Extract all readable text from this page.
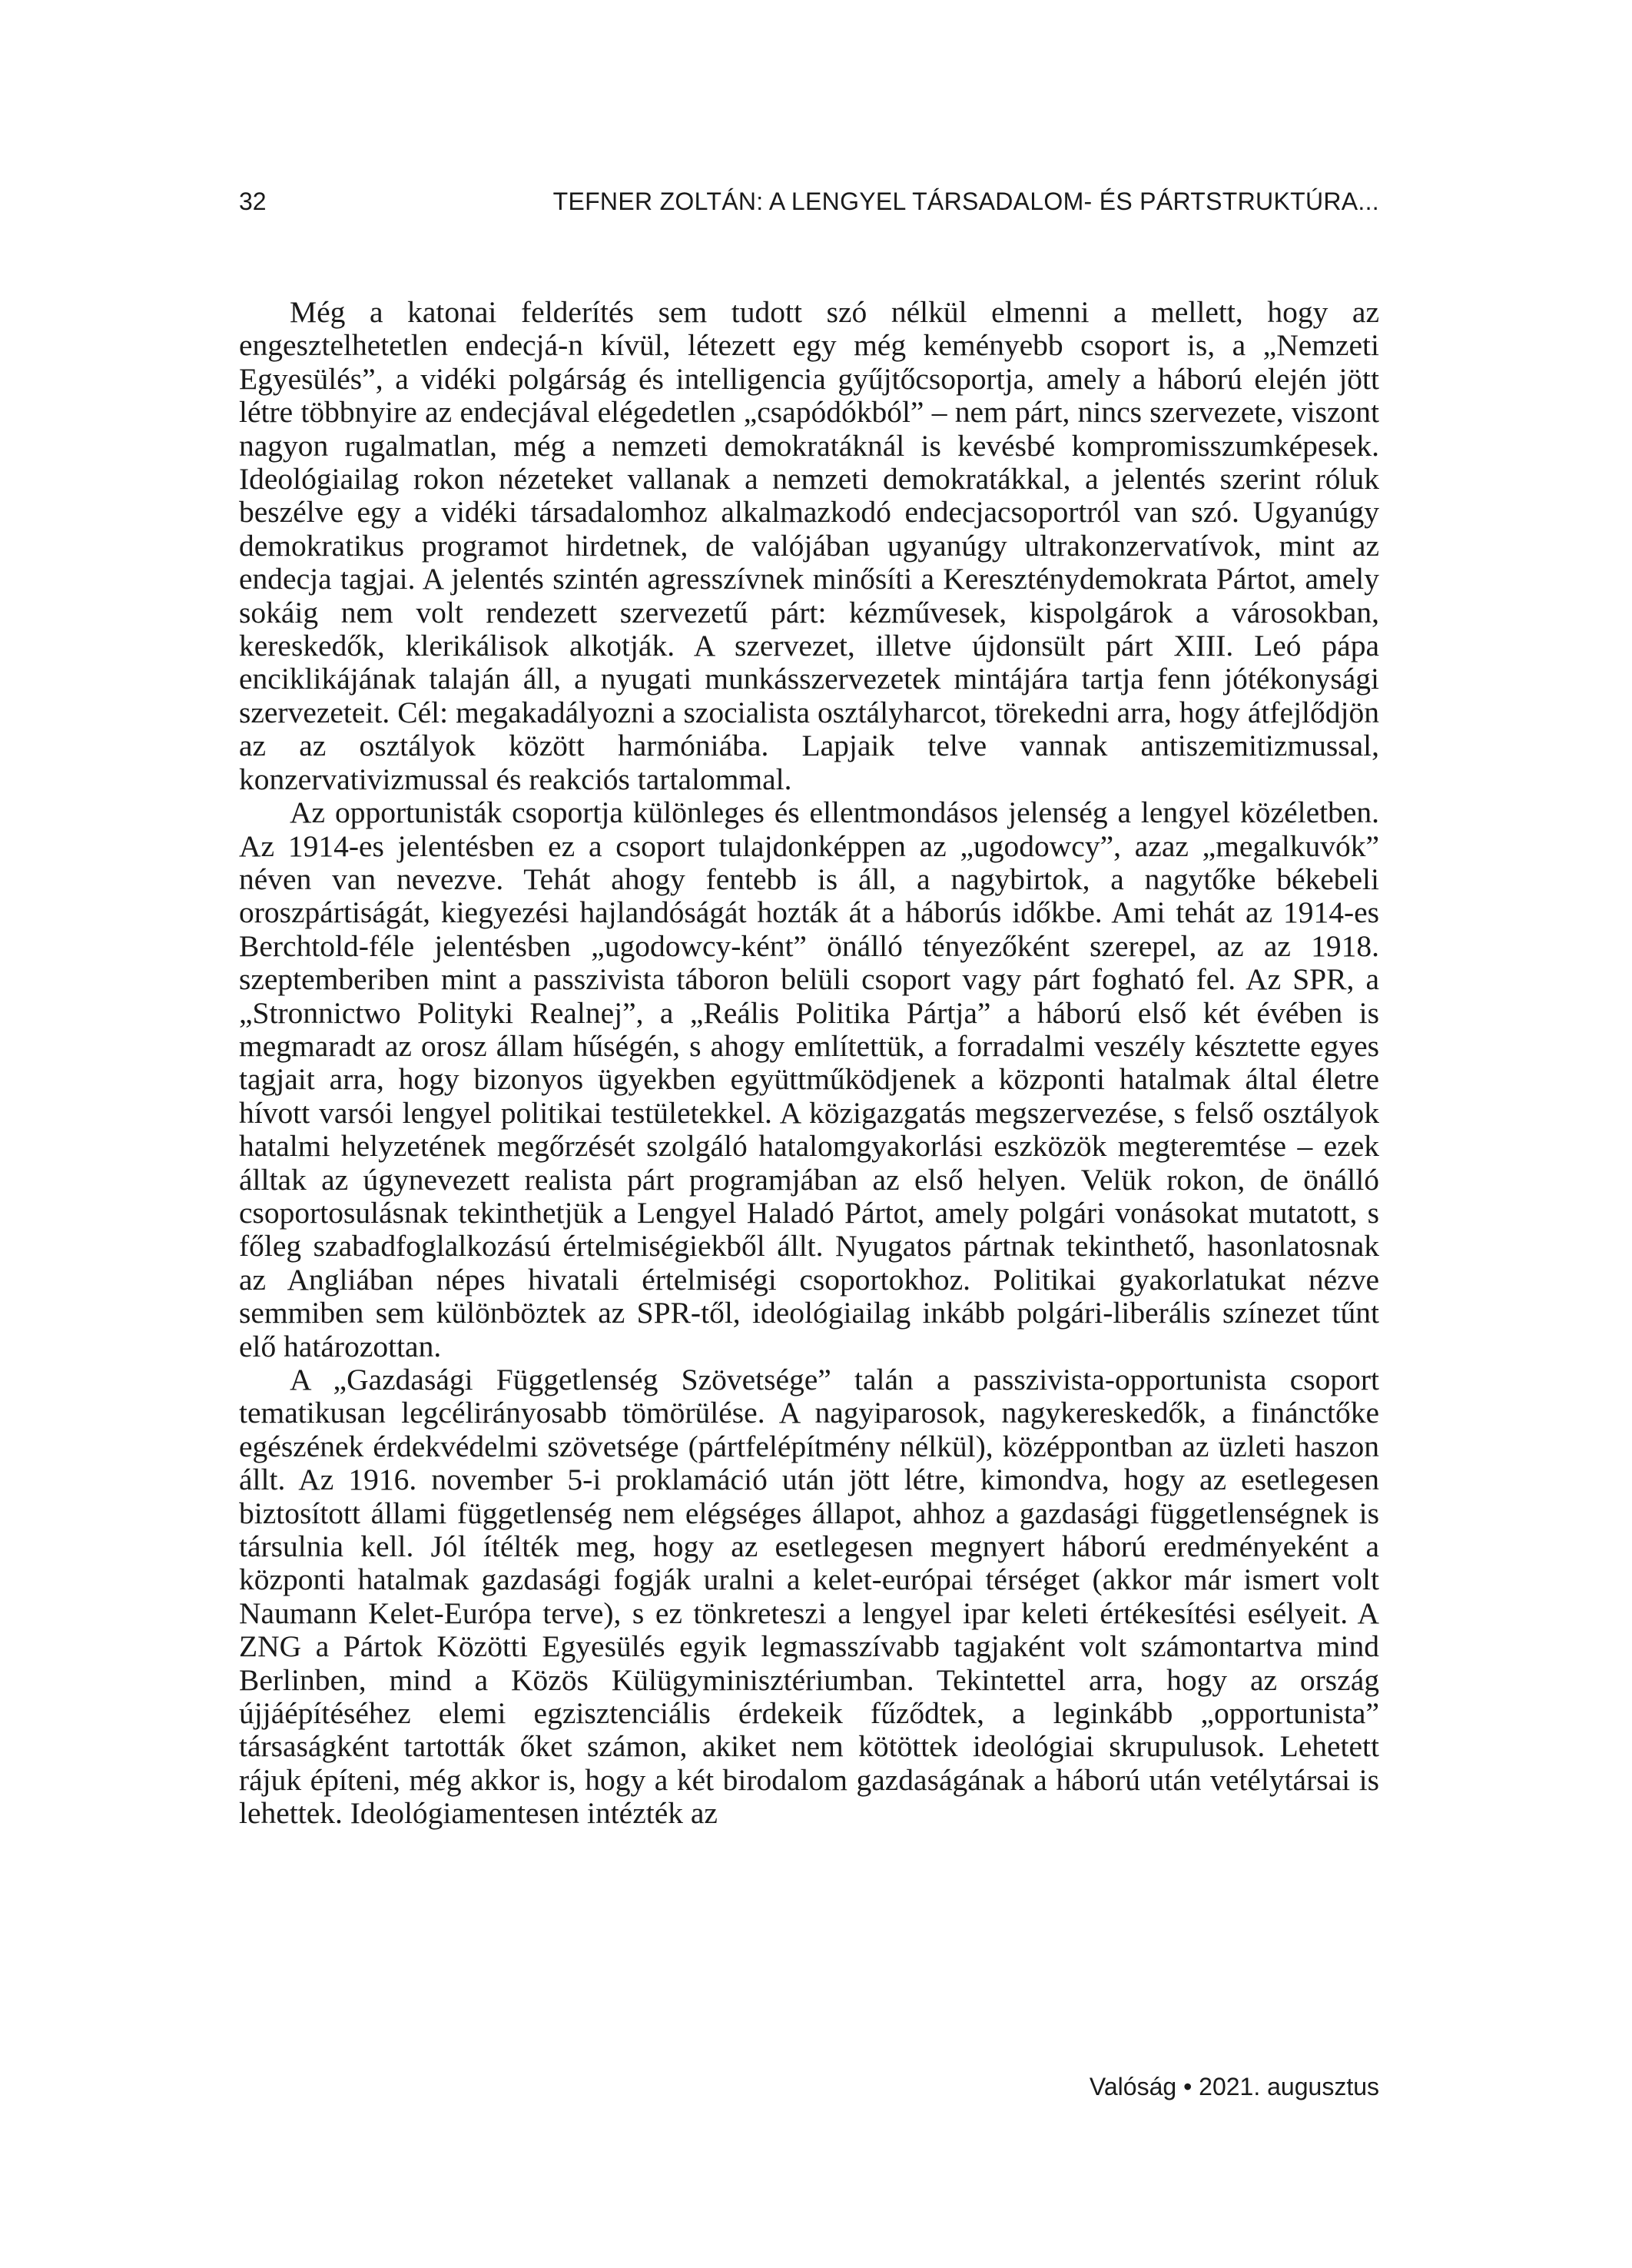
32	TEFNER ZOLTÁN: A LENGYEL TÁRSADALOM- ÉS PÁRTSTRUKTÚRA...

Még a katonai felderítés sem tudott szó nélkül elmenni a mellett, hogy az engesztelhetetlen endecjá-n kívül, létezett egy még keményebb csoport is, a „Nemzeti Egyesülés”, a vidéki polgárság és intelligencia gyűjtőcsoportja, amely a háború elején jött létre többnyire az endecjával elégedetlen „csapódókból” – nem párt, nincs szervezete, viszont nagyon rugalmatlan, még a nemzeti demokratáknál is kevésbé kompromisszumképesek. Ideológiailag rokon nézeteket vallanak a nemzeti demokratákkal, a jelentés szerint róluk beszélve egy a vidéki társadalomhoz alkalmazkodó endecjacsoportról van szó. Ugyanúgy demokratikus programot hirdetnek, de valójában ugyanúgy ultrakonzervatívok, mint az endecja tagjai. A jelentés szintén agresszívnek minősíti a Kereszténydemokrata Pártot, amely sokáig nem volt rendezett szervezetű párt: kézművesek, kispolgárok a városokban, kereskedők, klerikálisok alkotják. A szervezet, illetve újdonsült párt XIII. Leó pápa enciklikájának talaján áll, a nyugati munkásszervezetek mintájára tartja fenn jótékonysági szervezeteit. Cél: megakadályozni a szocialista osztályharcot, törekedni arra, hogy átfejlődjön az az osztályok között harmóniába. Lapjaik telve vannak antiszemitizmussal, konzervativizmussal és reakciós tartalommal.

Az opportunisták csoportja különleges és ellentmondásos jelenség a lengyel közéletben. Az 1914-es jelentésben ez a csoport tulajdonképpen az „ugodowcy”, azaz „megalkuvók” néven van nevezve. Tehát ahogy fentebb is áll, a nagybirtok, a nagytőke békebeli oroszpártiságát, kiegyezési hajlandóságát hozták át a háborús időkbe. Ami tehát az 1914-es Berchtold-féle jelentésben „ugodowcy-ként” önálló tényezőként szerepel, az az 1918. szeptemberiben mint a passzivista táboron belüli csoport vagy párt fogható fel. Az SPR, a „Stronnictwo Polityki Realnej”, a „Reális Politika Pártja” a háború első két évében is megmaradt az orosz állam hűségén, s ahogy említettük, a forradalmi veszély késztette egyes tagjait arra, hogy bizonyos ügyekben együttműködjenek a központi hatalmak által életre hívott varsói lengyel politikai testületekkel. A közigazgatás megszervezése, s felső osztályok hatalmi helyzetének megőrzését szolgáló hatalomgyakorlási eszközök megteremtése – ezek álltak az úgynevezett realista párt programjában az első helyen. Velük rokon, de önálló csoportosulásnak tekinthetjük a Lengyel Haladó Pártot, amely polgári vonásokat mutatott, s főleg szabadfoglalkozású értelmiségiekből állt. Nyugatos pártnak tekinthető, hasonlatosnak az Angliában népes hivatali értelmiségi csoportokhoz. Politikai gyakorlatukat nézve semmiben sem különböztek az SPR-től, ideológiailag inkább polgári-liberális színezet tűnt elő határozottan.

A „Gazdasági Függetlenség Szövetsége” talán a passzivista-opportunista csoport tematikusan legcélirányosabb tömörülése. A nagyiparosok, nagykereskedők, a finánctőke egészének érdekvédelmi szövetsége (pártfelépítmény nélkül), középpontban az üzleti haszon állt. Az 1916. november 5-i proklamáció után jött létre, kimondva, hogy az esetlegesen biztosított állami függetlenség nem elégséges állapot, ahhoz a gazdasági függetlenségnek is társulnia kell. Jól ítélték meg, hogy az esetlegesen megnyert háború eredményeként a központi hatalmak gazdasági fogják uralni a kelet-európai térséget (akkor már ismert volt Naumann Kelet-Európa terve), s ez tönkreteszi a lengyel ipar keleti értékesítési esélyeit. A ZNG a Pártok Közötti Egyesülés egyik legmasszívabb tagjaként volt számontartva mind Berlinben, mind a Közös Külügyminisztériumban. Tekintettel arra, hogy az ország újjáépítéséhez elemi egzisztenciális érdekeik fűződtek, a leginkább „opportunista” társaságként tartották őket számon, akiket nem kötöttek ideológiai skrupulusok. Lehetett rájuk építeni, még akkor is, hogy a két birodalom gazdaságának a háború után vetélytársai is lehettek. Ideológiamentesen intézték az

Valóság • 2021. augusztus
